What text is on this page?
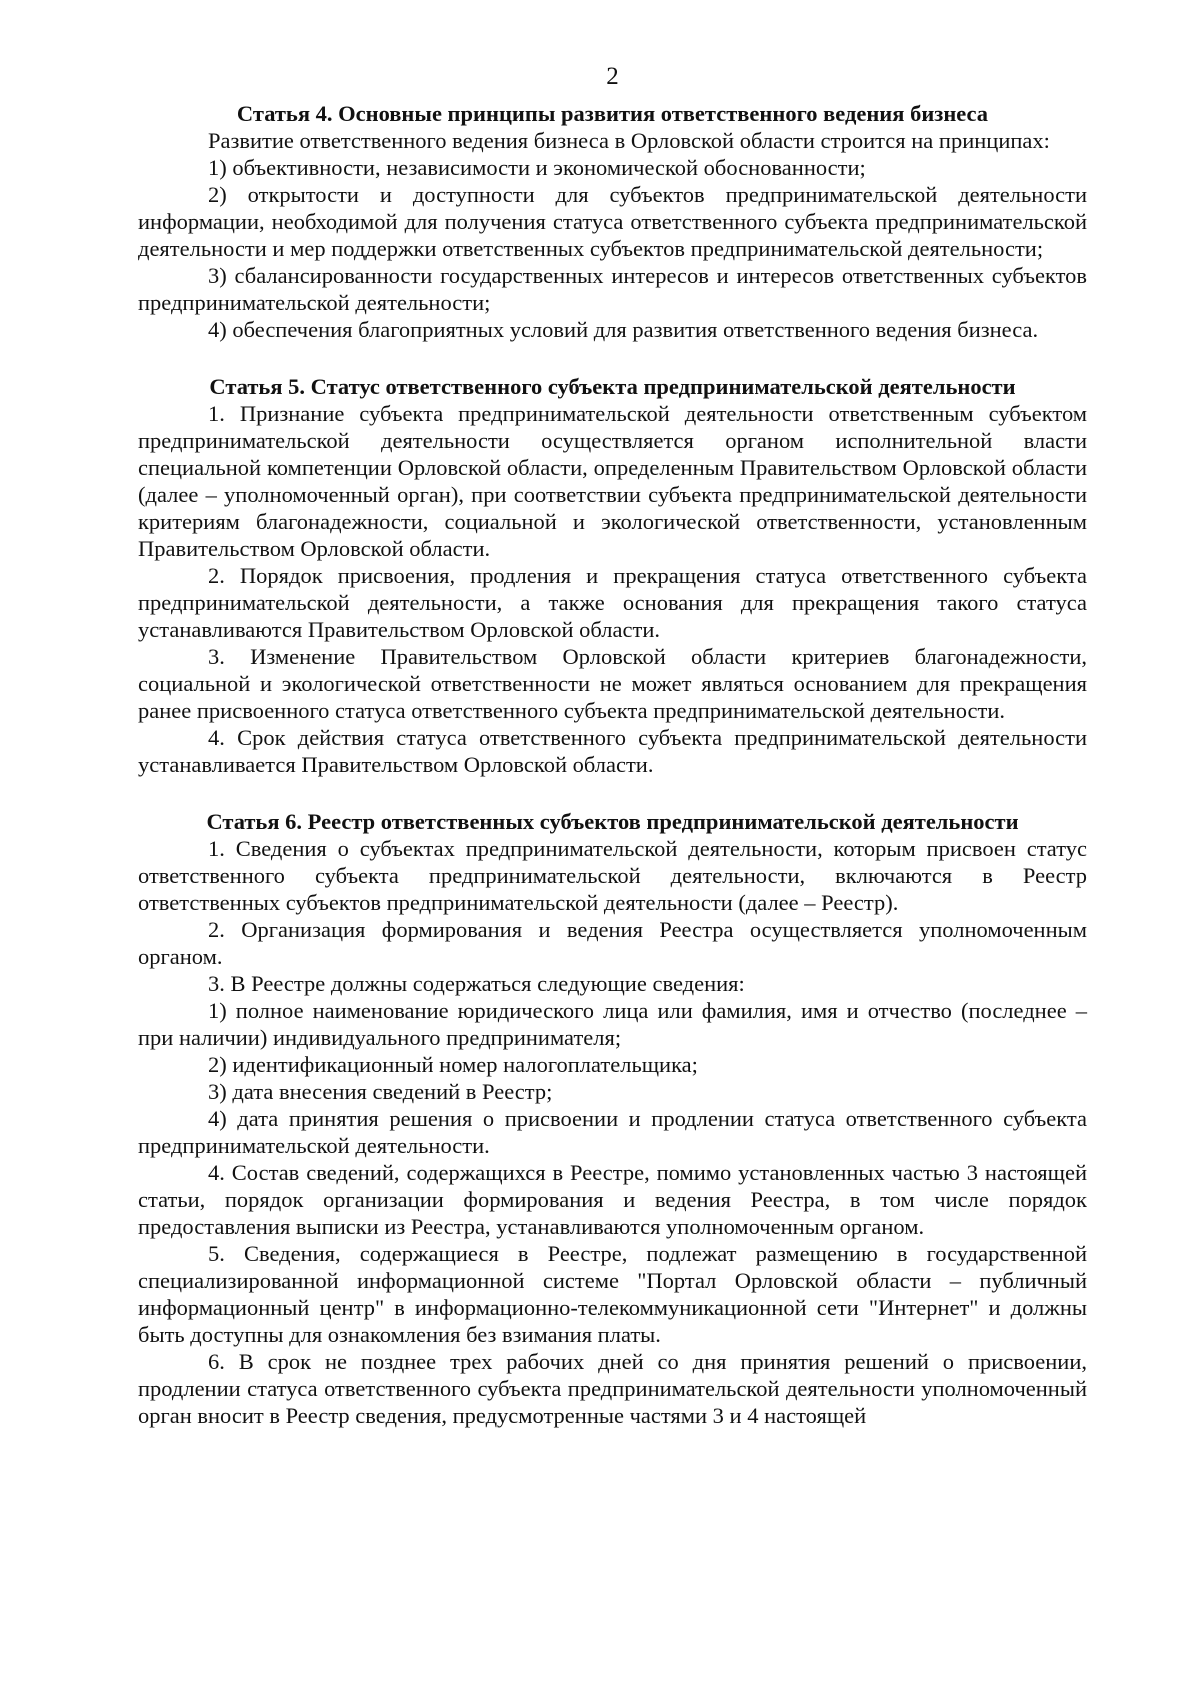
2
Статья 4. Основные принципы развития ответственного ведения бизнеса

Развитие ответственного ведения бизнеса в Орловской области строится на принципах:

1) объективности, независимости и экономической обоснованности;

2) открытости и доступности для субъектов предпринимательской деятельности информации, необходимой для получения статуса ответственного субъекта предпринимательской деятельности и мер поддержки ответственных субъектов предпринимательской деятельности;

3) сбалансированности государственных интересов и интересов ответственных субъектов предпринимательской деятельности;

4) обеспечения благоприятных условий для развития ответственного ведения бизнеса.

Статья 5. Статус ответственного субъекта предпринимательской деятельности

1. Признание субъекта предпринимательской деятельности ответственным субъектом предпринимательской деятельности осуществляется органом исполнительной власти специальной компетенции Орловской области, определенным Правительством Орловской области (далее – уполномоченный орган), при соответствии субъекта предпринимательской деятельности критериям благонадежности, социальной и экологической ответственности, установленным Правительством Орловской области.

2. Порядок присвоения, продления и прекращения статуса ответственного субъекта предпринимательской деятельности, а также основания для прекращения такого статуса устанавливаются Правительством Орловской области.

3. Изменение Правительством Орловской области критериев благонадежности, социальной и экологической ответственности не может являться основанием для прекращения ранее присвоенного статуса ответственного субъекта предпринимательской деятельности.

4. Срок действия статуса ответственного субъекта предпринимательской деятельности устанавливается Правительством Орловской области.

Статья 6. Реестр ответственных субъектов предпринимательской деятельности

1. Сведения о субъектах предпринимательской деятельности, которым присвоен статус ответственного субъекта предпринимательской деятельности, включаются в Реестр ответственных субъектов предпринимательской деятельности (далее – Реестр).

2. Организация формирования и ведения Реестра осуществляется уполномоченным органом.

3. В Реестре должны содержаться следующие сведения:

1) полное наименование юридического лица или фамилия, имя и отчество (последнее – при наличии) индивидуального предпринимателя;

2) идентификационный номер налогоплательщика;

3) дата внесения сведений в Реестр;

4) дата принятия решения о присвоении и продлении статуса ответственного субъекта предпринимательской деятельности.

4. Состав сведений, содержащихся в Реестре, помимо установленных частью 3 настоящей статьи, порядок организации формирования и ведения Реестра, в том числе порядок предоставления выписки из Реестра, устанавливаются уполномоченным органом.

5. Сведения, содержащиеся в Реестре, подлежат размещению в государственной специализированной информационной системе "Портал Орловской области – публичный информационный центр" в информационно-телекоммуникационной сети "Интернет" и должны быть доступны для ознакомления без взимания платы.

6. В срок не позднее трех рабочих дней со дня принятия решений о присвоении, продлении статуса ответственного субъекта предпринимательской деятельности уполномоченный орган вносит в Реестр сведения, предусмотренные частями 3 и 4 настоящей
